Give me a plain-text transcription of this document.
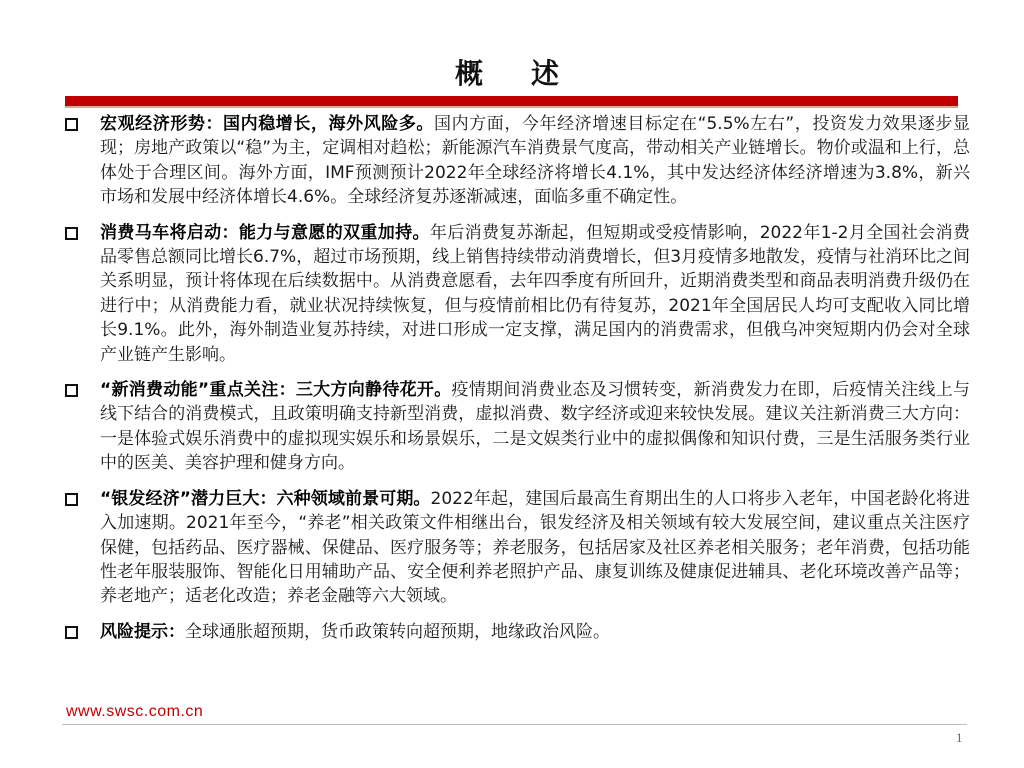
概　述
宏观经济形势：国内稳增长，海外风险多。国内方面，今年经济增速目标定在“5.5%左右”，投资发力效果逐步显现；房地产政策以“稳”为主，定调相对趋松；新能源汽车消费景气度高，带动相关产业链增长。物价或温和上行，总体处于合理区间。海外方面，IMF预测预计2022年全球经济将增长4.1%，其中发达经济体经济增速为3.8%，新兴市场和发展中经济体增长4.6%。全球经济复苏逐渐减速，面临多重不确定性。
消费马车将启动：能力与意愿的双重加持。年后消费复苏渐起，但短期或受疫情影响，2022年1-2月全国社会消费品零售总额同比增长6.7%，超过市场预期，线上销售持续带动消费增长，但3月疫情多地散发，疫情与社消环比之间关系明显，预计将体现在后续数据中。从消费意愿看，去年四季度有所回升，近期消费类型和商品表明消费升级仍在进行中；从消费能力看，就业状况持续恢复，但与疫情前相比仍有待复苏，2021年全国居民人均可支配收入同比增长9.1%。此外，海外制造业复苏持续，对进口形成一定支撑，满足国内的消费需求，但俄乌冲突短期内仍会对全球产业链产生影响。
“新消费动能”重点关注：三大方向静待花开。疫情期间消费业态及习惯转变，新消费发力在即，后疫情关注线上与线下结合的消费模式，且政策明确支持新型消费，虚拟消费、数字经济或迎来较快发展。建议关注新消费三大方向：一是体验式娱乐消费中的虚拟现实娱乐和场景娱乐，二是文娱类行业中的虚拟偶像和知识付费，三是生活服务类行业中的医美、美容护理和健身方向。
“银发经济”潜力巨大：六种领域前景可期。2022年起，建国后最高生育期出生的人口将步入老年，中国老龄化将进入加速期。2021年至今，“养老”相关政策文件相继出台，银发经济及相关领域有较大发展空间，建议重点关注医疗保健，包括药品、医疗器械、保健品、医疗服务等；养老服务，包括居家及社区养老相关服务；老年消费，包括功能性老年服装服饰、智能化日用辅助产品、安全便利养老照护产品、康复训练及健康促进辅具、老化环境改善产品等；养老地产；适老化改造；养老金融等六大领域。
风险提示：全球通胀超预期，货币政策转向超预期，地缘政治风险。
www.swsc.com.cn
1
